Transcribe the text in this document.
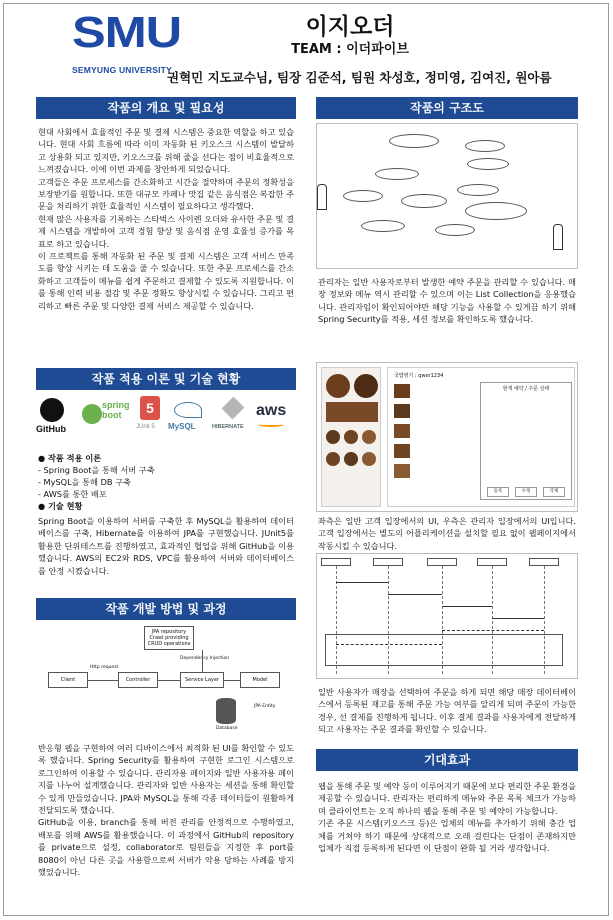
SMU
SEMYUNG UNIVERSITY
이지오더
TEAM : 이더파이브
권혁민 지도교수님, 팀장 김준석, 팀원 차성호, 정미영, 김여진, 원아름
작품의 개요 및 필요성
현대 사회에서 효율적인 주문 및 결제 시스템은 중요한 역할을 하고 있습니다. 현대 사회 흐름에 따라 이미 자동화 된 키오스크 시스템이 발달하고 상용화 되고 있지만, 키오스크를 위해 줄을 선다는 점이 비효율적으로 느껴졌습니다. 이에 이번 과제를 창안하게 되었습니다.
고객들은 주문 프로세스를 간소화하고 시간을 절약하며 주문의 정확성을 보장받기를 원합니다. 또한 대규모 카페나 맛집 같은 음식점은 복잡한 주문을 처리하기 위한 효율적인 시스템이 필요하다고 생각했다.
현재 많은 사용자를 기록하는 스타벅스 사이렌 오더와 유사한 주문 및 결제 시스템을 개발하여 고객 경험 향상 및 음식점 운영 효율성 증가를 목표로 하고 있습니다.
이 프로젝트를 통해 자동화 된 주문 및 결제 시스템은 고객 서비스 만족도를 향상 시키는 데 도움을 줄 수 있습니다. 또한 주문 프로세스를 간소화하고 고객들이 메뉴를 쉽게 주문하고 결제할 수 있도록 지원합니다. 이를 통해 인력 비용 절감 및 주문 정확도 향상시킬 수 있습니다. 그리고 편리하고 빠른 주문 및 다양한 결제 서비스 제공할 수 있습니다.
작품 적용 이론 및 기술 현황
GitHub
spring boot	5
JUnit 5 MySQL	HIBERNATE
aws
● 작품 적용 이론
- Spring Boot을 통해 서버 구축
- MySQL을 통해 DB 구축
- AWS를 통한 배포
● 기술 현황
Spring Boot을 이용하여 서버를 구축한 후 MySQL을 활용하여 데이터베이스를 구축, Hibernate를 이용하여 JPA를 구현했습니다. JUnit5를 활용한 단위테스트를 진행하였고, 효과적인 협업을 위해 GitHub을 이용했습니다. AWS의 EC2와 RDS, VPC를 활용하여 서버와 데이터베이스를 안정 시켰습니다.
작품 개발 방법 및 과정
JPA repository Crawl providing CRUD operations
Client	Controller	Service Layer	Model
Http request
Dependency Injection
Database
JPA Entity
반응형 웹을 구현하여 여러 디바이스에서 최적화 된 UI를 확인할 수 있도록 했습니다. Spring Security를 활용하여 구현한 로그인 시스템으로 로그인하여 이용할 수 있습니다. 관리자용 페이지와 일반 사용자용 페이지를 나누어 설계했습니다. 관리자와 일반 사용자는 세션을 통해 확인할 수 있게 만들었습니다. JPA와 MySQL을 통해 각종 데이터들이 원활하게 전달되도록 했습니다.
GitHub을 이용, branch를 통해 버전 관리를 안정적으로 수행하였고, 배포를 위해 AWS를 활용했습니다. 이 과정에서 GitHub의 repository를 private으로 설정, collaborator로 팀원들을 지정한 후 port를 8080이 아닌 다른 곳을 사용함으로써 서버가 악용 당하는 사례를 방지했었습니다.
작품의 구조도
관리자는 일반 사용자로부터 발생한 예약 주문을 관리할 수 있습니다. 매장 정보와 메뉴 역시 관리할 수 있으며 이는 List Collection을 응용했습니다. 관리자임이 확인되어야만 해당 기능을 사용할 수 있게끔 하기 위해 Spring Security를 적용, 세션 정보를 확인하도록 했습니다.
국밥영기 : qwer1234
현재 예약 / 주문 상태
등록	수정	삭제
좌측은 일반 고객 입장에서의 UI, 우측은 관리자 입장에서의 UI입니다. 고객 입장에서는 별도의 어플리케이션을 설치할 필요 없이 웹페이지에서 작동시킬 수 있습니다.
일반 사용자가 매장을 선택하여 주문을 하게 되면 해당 매장 데이터베이스에서 등록된 재고를 통해 주문 가능 여부를 알리게 되며 주문이 가능한 경우, 선 결제를 진행하게 됩니다. 이후 결제 결과를 사용자에게 전달하게 되고 사용자는 주문 결과를 확인할 수 있습니다.
기대효과
웹을 통해 주문 및 예약 등이 이루어지기 때문에 보다 편리한 주문 환경을 제공할 수 있습니다. 관리자는 편리하게 메뉴와 주문 목록 체크가 가능하며 클라이언트는 오직 하나의 웹을 통해 주문 및 예약이 가능합니다.
기존 주문 시스템(키오스크 등)은 업체의 메뉴를 추가하기 위해 충간 업체를 거쳐야 하기 때문에 상대적으로 오래 걸린다는 단점이 존재하지만 업체가 직접 등록하게 된다면 이 단점이 완화 될 거라 생각합니다.
